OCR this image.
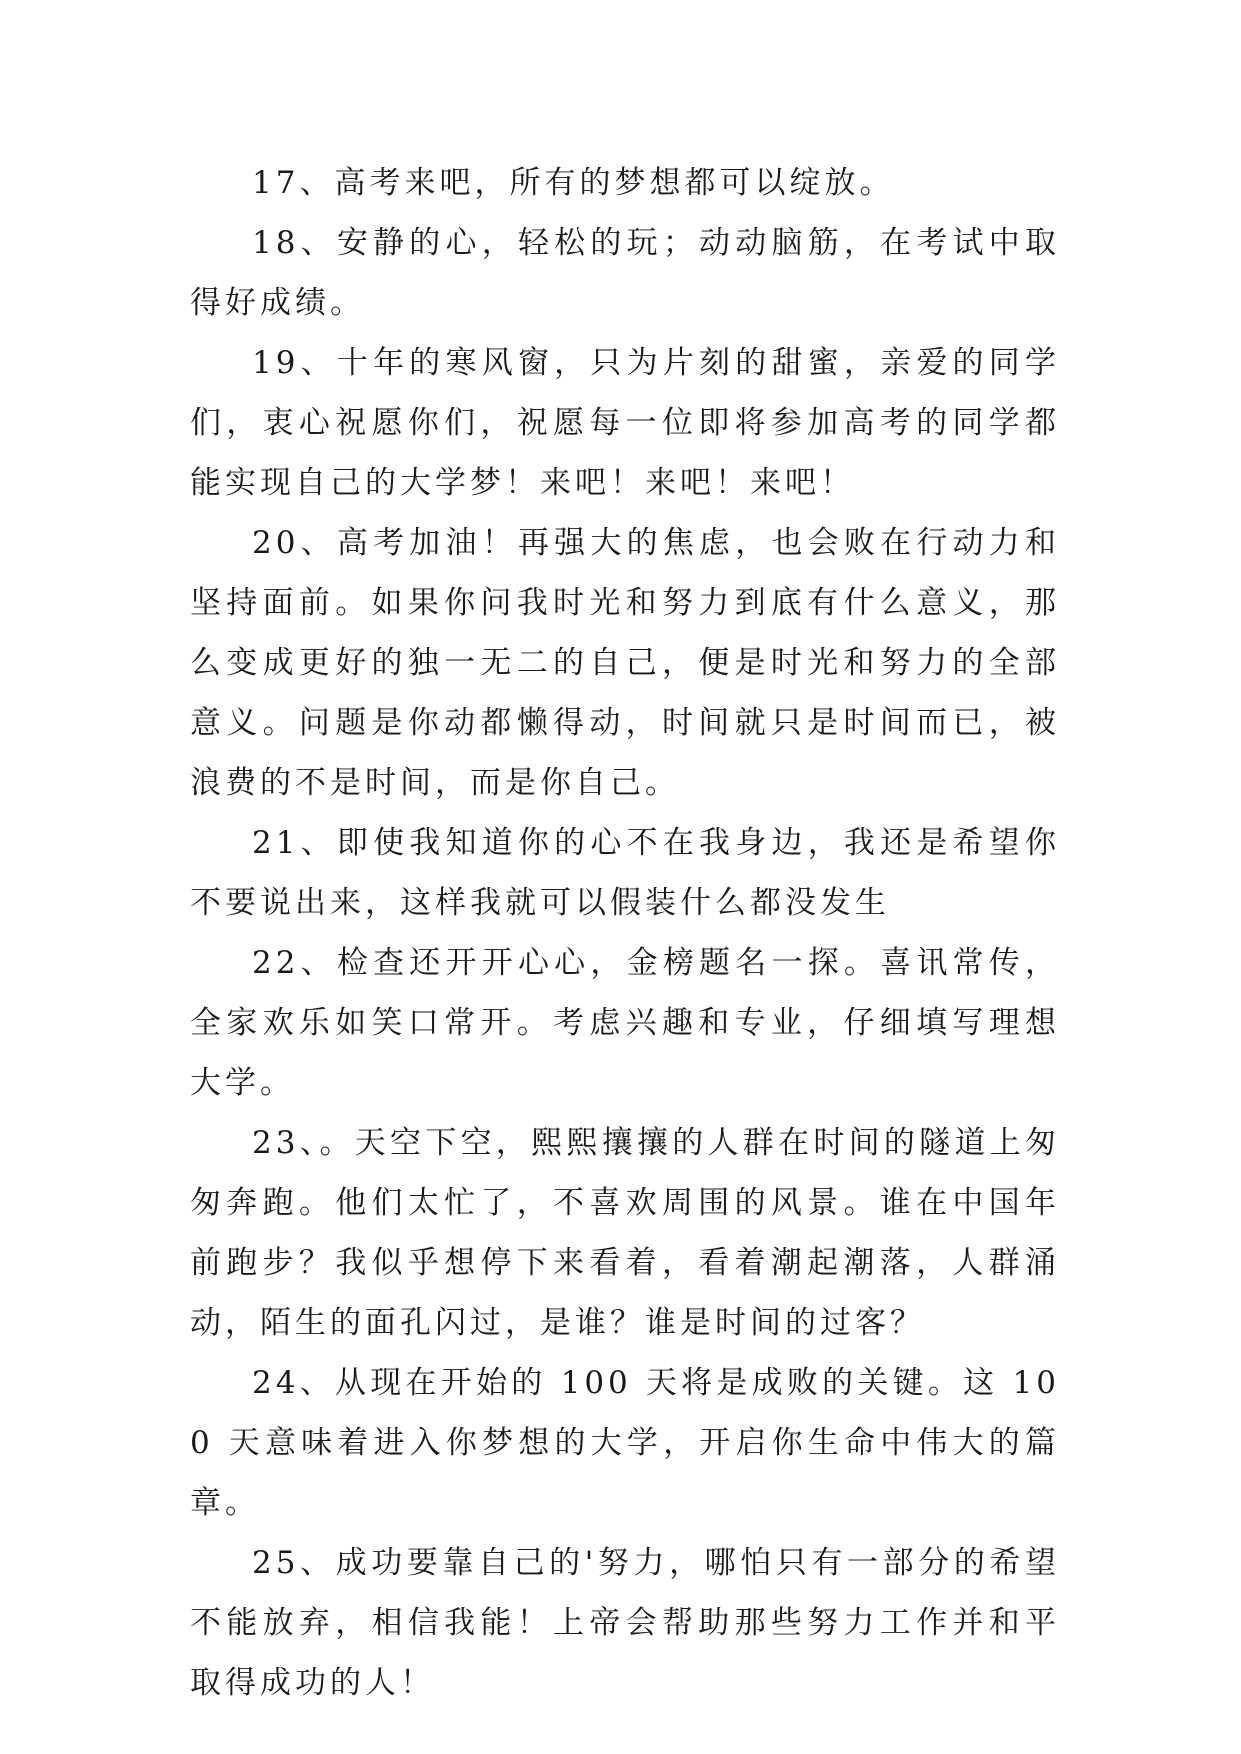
17、高考来吧，所有的梦想都可以绽放。

18、安静的心，轻松的玩；动动脑筋，在考试中取得好成绩。

19、十年的寒风窗，只为片刻的甜蜜，亲爱的同学们，衷心祝愿你们，祝愿每一位即将参加高考的同学都能实现自己的大学梦！来吧！来吧！来吧！

20、高考加油！再强大的焦虑，也会败在行动力和坚持面前。如果你问我时光和努力到底有什么意义，那么变成更好的独一无二的自己，便是时光和努力的全部意义。问题是你动都懒得动，时间就只是时间而已，被浪费的不是时间，而是你自己。

21、即使我知道你的心不在我身边，我还是希望你不要说出来，这样我就可以假装什么都没发生

22、检查还开开心心，金榜题名一探。喜讯常传，全家欢乐如笑口常开。考虑兴趣和专业，仔细填写理想大学。

23、。天空下空，熙熙攘攘的人群在时间的隧道上匆匆奔跑。他们太忙了，不喜欢周围的风景。谁在中国年前跑步？我似乎想停下来看着，看着潮起潮落，人群涌动，陌生的面孔闪过，是谁？谁是时间的过客？

24、从现在开始的 100 天将是成败的关键。这 100 天意味着进入你梦想的大学，开启你生命中伟大的篇章。

25、成功要靠自己的'努力，哪怕只有一部分的希望不能放弃，相信我能！上帝会帮助那些努力工作并和平取得成功的人！
